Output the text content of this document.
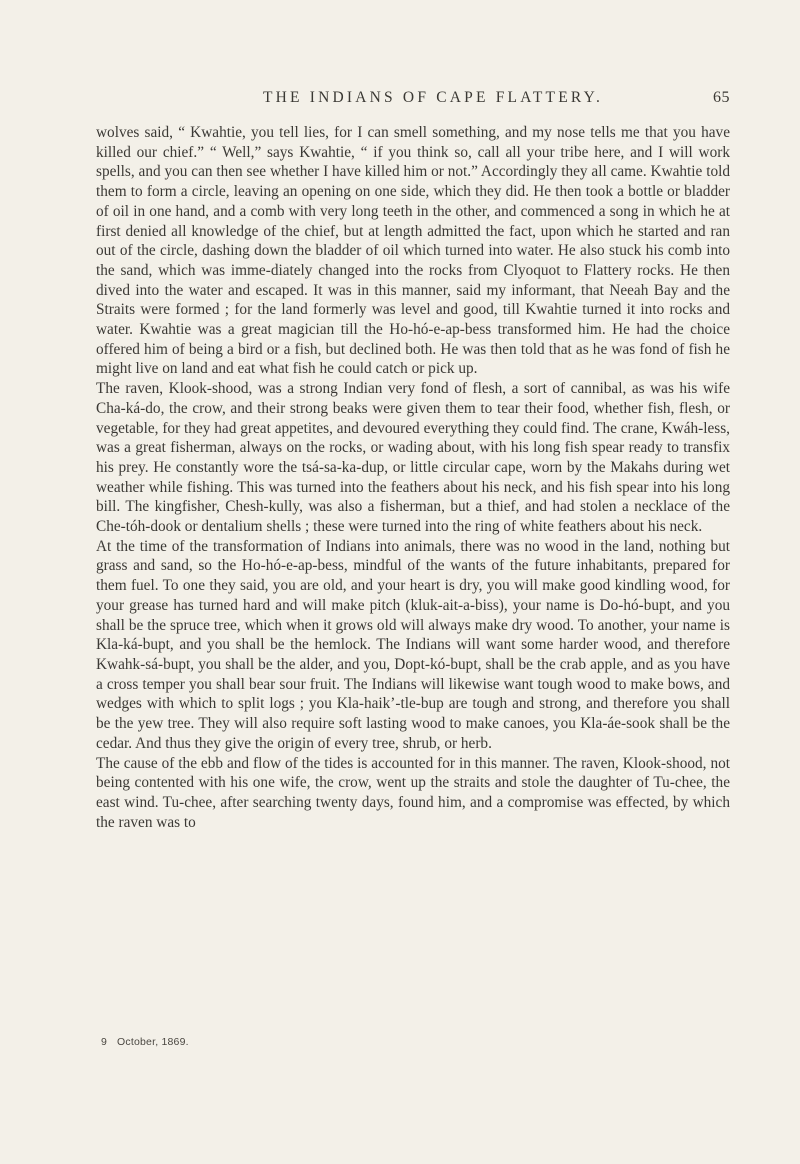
THE INDIANS OF CAPE FLATTERY.	65

wolves said, “ Kwahtie, you tell lies, for I can smell something, and my nose tells me that you have killed our chief.” “ Well,” says Kwahtie, “ if you think so, call all your tribe here, and I will work spells, and you can then see whether I have killed him or not.” Accordingly they all came. Kwahtie told them to form a circle, leaving an opening on one side, which they did. He then took a bottle or bladder of oil in one hand, and a comb with very long teeth in the other, and commenced a song in which he at first denied all knowledge of the chief, but at length admitted the fact, upon which he started and ran out of the circle, dashing down the bladder of oil which turned into water. He also stuck his comb into the sand, which was imme-diately changed into the rocks from Clyoquot to Flattery rocks. He then dived into the water and escaped. It was in this manner, said my informant, that Neeah Bay and the Straits were formed ; for the land formerly was level and good, till Kwahtie turned it into rocks and water. Kwahtie was a great magician till the Ho-hó-e-ap-bess transformed him. He had the choice offered him of being a bird or a fish, but declined both. He was then told that as he was fond of fish he might live on land and eat what fish he could catch or pick up.

The raven, Klook-shood, was a strong Indian very fond of flesh, a sort of cannibal, as was his wife Cha-ká-do, the crow, and their strong beaks were given them to tear their food, whether fish, flesh, or vegetable, for they had great appetites, and devoured everything they could find. The crane, Kwáh-less, was a great fisherman, always on the rocks, or wading about, with his long fish spear ready to transfix his prey. He constantly wore the tsá-sa-ka-dup, or little circular cape, worn by the Makahs during wet weather while fishing. This was turned into the feathers about his neck, and his fish spear into his long bill. The kingfisher, Chesh-kully, was also a fisherman, but a thief, and had stolen a necklace of the Che-tóh-dook or dentalium shells ; these were turned into the ring of white feathers about his neck.

At the time of the transformation of Indians into animals, there was no wood in the land, nothing but grass and sand, so the Ho-hó-e-ap-bess, mindful of the wants of the future inhabitants, prepared for them fuel. To one they said, you are old, and your heart is dry, you will make good kindling wood, for your grease has turned hard and will make pitch (kluk-ait-a-biss), your name is Do-hó-bupt, and you shall be the spruce tree, which when it grows old will always make dry wood. To another, your name is Kla-ká-bupt, and you shall be the hemlock. The Indians will want some harder wood, and therefore Kwahk-sá-bupt, you shall be the alder, and you, Dopt-kó-bupt, shall be the crab apple, and as you have a cross temper you shall bear sour fruit. The Indians will likewise want tough wood to make bows, and wedges with which to split logs ; you Kla-haik’-tle-bup are tough and strong, and therefore you shall be the yew tree. They will also require soft lasting wood to make canoes, you Kla-áe-sook shall be the cedar. And thus they give the origin of every tree, shrub, or herb.

The cause of the ebb and flow of the tides is accounted for in this manner. The raven, Klook-shood, not being contented with his one wife, the crow, went up the straits and stole the daughter of Tu-chee, the east wind. Tu-chee, after searching twenty days, found him, and a compromise was effected, by which the raven was to

9 October, 1869.
